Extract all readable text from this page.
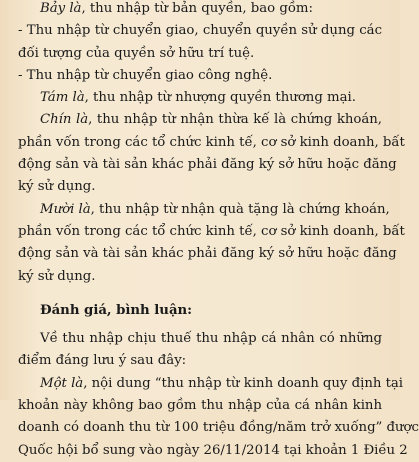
Bảy là, thu nhập từ bản quyền, bao gồm:
- Thu nhập từ chuyển giao, chuyển quyền sử dụng các
đối tượng của quyền sở hữu trí tuệ.
- Thu nhập từ chuyển giao công nghệ.
Tám là, thu nhập từ nhượng quyền thương mại.
Chín là, thu nhập từ nhận thừa kế là chứng khoán,
phần vốn trong các tổ chức kinh tế, cơ sở kinh doanh, bất
động sản và tài sản khác phải đăng ký sở hữu hoặc đăng
ký sử dụng.
Mười là, thu nhập từ nhận quà tặng là chứng khoán,
phần vốn trong các tổ chức kinh tế, cơ sở kinh doanh, bất
động sản và tài sản khác phải đăng ký sở hữu hoặc đăng
ký sử dụng.
Đánh giá, bình luận:
Về thu nhập chịu thuế thu nhập cá nhân có những
điểm đáng lưu ý sau đây:
Một là, nội dung “thu nhập từ kinh doanh quy định tại
khoản này không bao gồm thu nhập của cá nhân kinh
doanh có doanh thu từ 100 triệu đồng/năm trở xuống” được
Quốc hội bổ sung vào ngày 26/11/2014 tại khoản 1 Điều 2
